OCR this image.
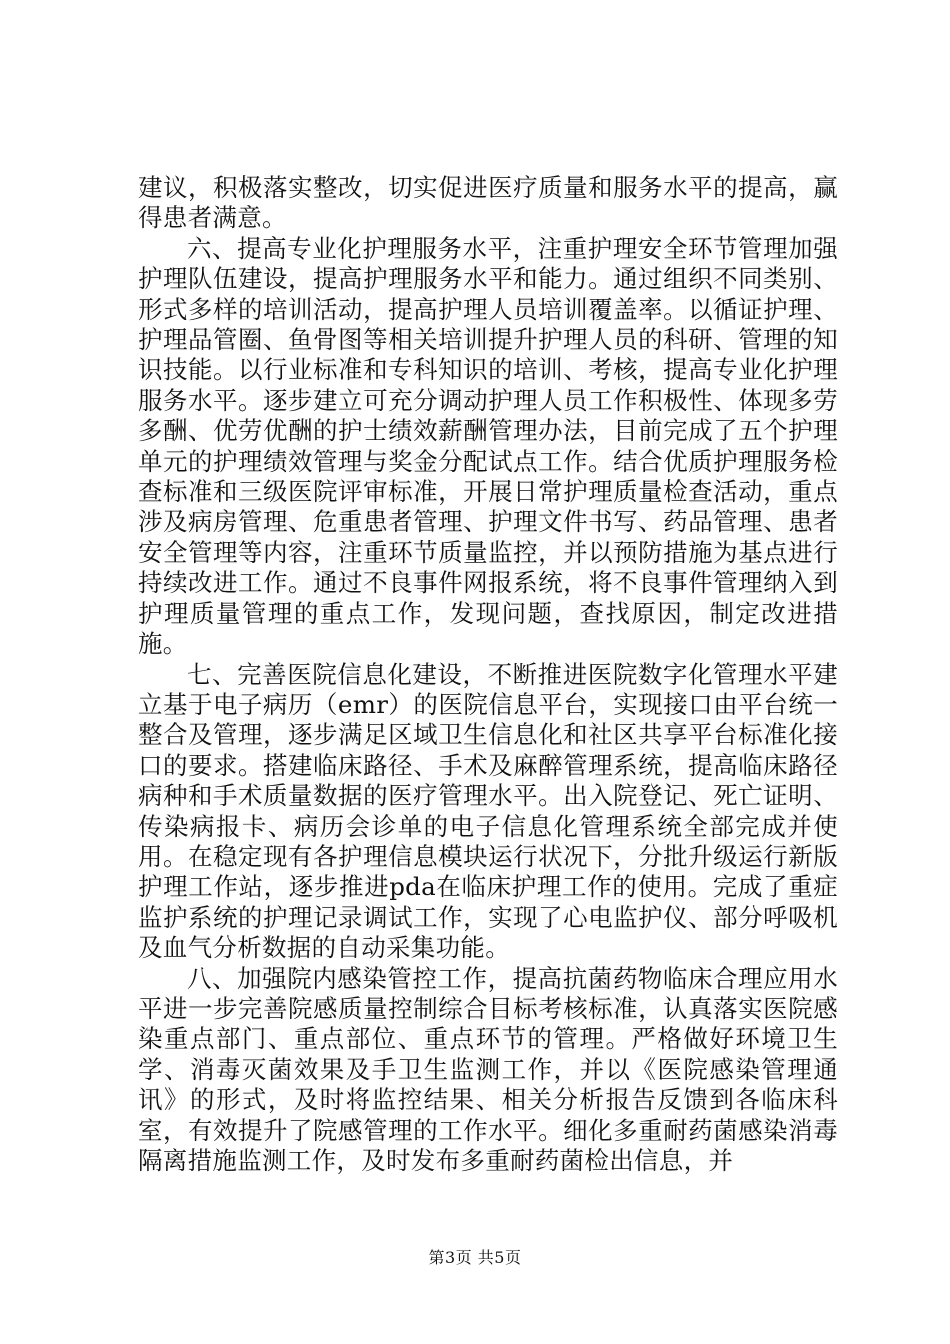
建议，积极落实整改，切实促进医疗质量和服务水平的提高，赢得患者满意。

六、提高专业化护理服务水平，注重护理安全环节管理加强护理队伍建设，提高护理服务水平和能力。通过组织不同类别、形式多样的培训活动，提高护理人员培训覆盖率。以循证护理、护理品管圈、鱼骨图等相关培训提升护理人员的科研、管理的知识技能。以行业标准和专科知识的培训、考核，提高专业化护理服务水平。逐步建立可充分调动护理人员工作积极性、体现多劳多酬、优劳优酬的护士绩效薪酬管理办法，目前完成了五个护理单元的护理绩效管理与奖金分配试点工作。结合优质护理服务检查标准和三级医院评审标准，开展日常护理质量检查活动，重点涉及病房管理、危重患者管理、护理文件书写、药品管理、患者安全管理等内容，注重环节质量监控，并以预防措施为基点进行持续改进工作。通过不良事件网报系统，将不良事件管理纳入到护理质量管理的重点工作，发现问题，查找原因，制定改进措施。

七、完善医院信息化建设，不断推进医院数字化管理水平建立基于电子病历（emr）的医院信息平台，实现接口由平台统一整合及管理，逐步满足区域卫生信息化和社区共享平台标准化接口的要求。搭建临床路径、手术及麻醉管理系统，提高临床路径病种和手术质量数据的医疗管理水平。出入院登记、死亡证明、传染病报卡、病历会诊单的电子信息化管理系统全部完成并使用。在稳定现有各护理信息模块运行状况下，分批升级运行新版护理工作站，逐步推进pda在临床护理工作的使用。完成了重症监护系统的护理记录调试工作，实现了心电监护仪、部分呼吸机及血气分析数据的自动采集功能。

八、加强院内感染管控工作，提高抗菌药物临床合理应用水平进一步完善院感质量控制综合目标考核标准，认真落实医院感染重点部门、重点部位、重点环节的管理。严格做好环境卫生学、消毒灭菌效果及手卫生监测工作，并以《医院感染管理通讯》的形式，及时将监控结果、相关分析报告反馈到各临床科室，有效提升了院感管理的工作水平。细化多重耐药菌感染消毒隔离措施监测工作，及时发布多重耐药菌检出信息，并

第3页 共5页
